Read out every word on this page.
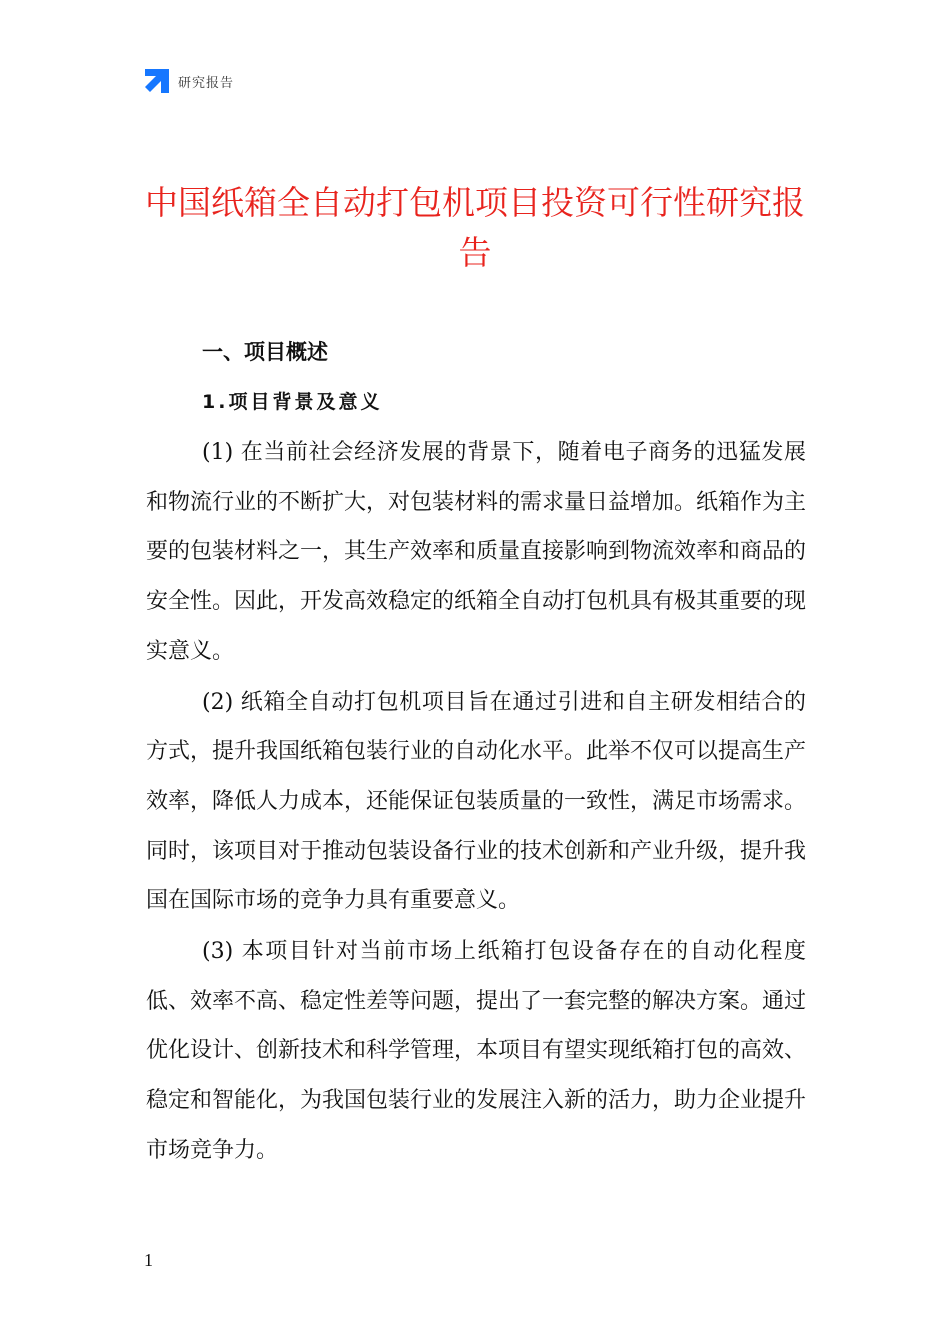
研究报告
中国纸箱全自动打包机项目投资可行性研究报告
一、项目概述
1.项目背景及意义

(1) 在当前社会经济发展的背景下，随着电子商务的迅猛发展和物流行业的不断扩大，对包装材料的需求量日益增加。纸箱作为主要的包装材料之一，其生产效率和质量直接影响到物流效率和商品的安全性。因此，开发高效稳定的纸箱全自动打包机具有极其重要的现实意义。

(2) 纸箱全自动打包机项目旨在通过引进和自主研发相结合的方式，提升我国纸箱包装行业的自动化水平。此举不仅可以提高生产效率，降低人力成本，还能保证包装质量的一致性，满足市场需求。同时，该项目对于推动包装设备行业的技术创新和产业升级，提升我国在国际市场的竞争力具有重要意义。

(3) 本项目针对当前市场上纸箱打包设备存在的自动化程度低、效率不高、稳定性差等问题，提出了一套完整的解决方案。通过优化设计、创新技术和科学管理，本项目有望实现纸箱打包的高效、稳定和智能化，为我国包装行业的发展注入新的活力，助力企业提升市场竞争力。

1
